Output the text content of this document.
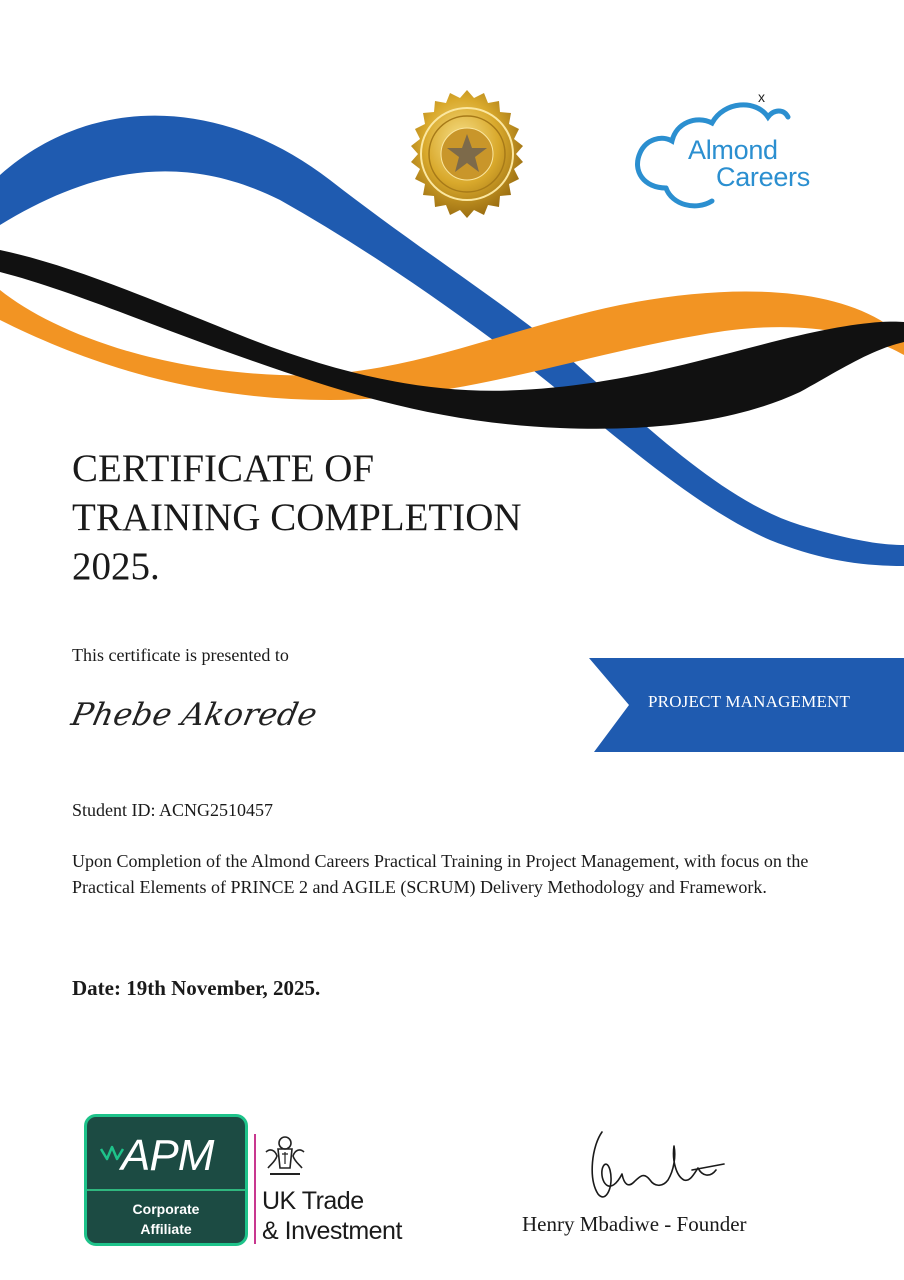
x
Almond
Careers
CERTIFICATE OF
TRAINING COMPLETION
2025.
This certificate is presented to
Phebe Akorede	PROJECT MANAGEMENT
Student ID: ACNG2510457
Upon Completion of the Almond Careers Practical Training in Project Management, with focus on the Practical Elements of PRINCE 2 and AGILE (SCRUM) Delivery Methodology and Framework.
Date: 19th November, 2025.
APM
Corporate
Affiliate
UK Trade
& Investment	Henry Mbadiwe - Founder
